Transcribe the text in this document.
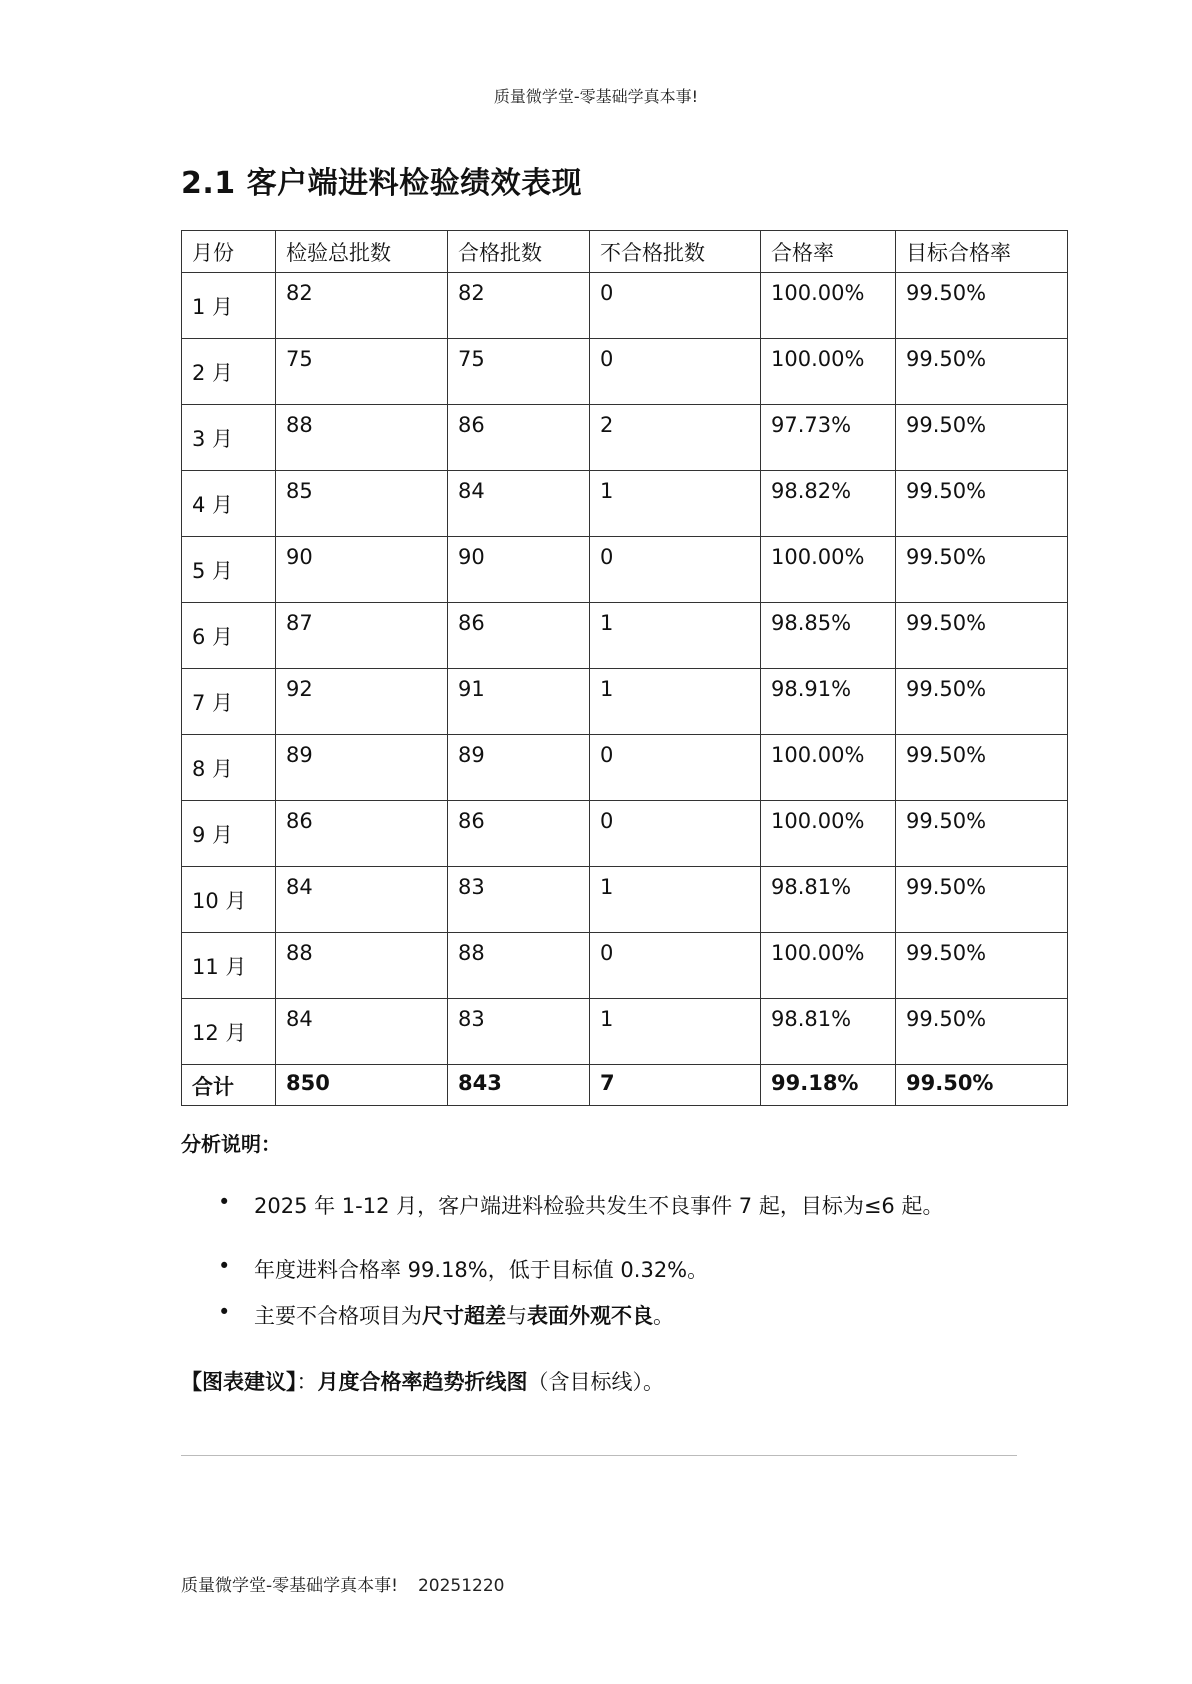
质量微学堂-零基础学真本事!
2.1 客户端进料检验绩效表现
月份	检验总批数	合格批数	不合格批数	合格率	目标合格率
1 月	82	82	0	100.00%	99.50%
2 月	75	75	0	100.00%	99.50%
3 月	88	86	2	97.73%	99.50%
4 月	85	84	1	98.82%	99.50%
5 月	90	90	0	100.00%	99.50%
6 月	87	86	1	98.85%	99.50%
7 月	92	91	1	98.91%	99.50%
8 月	89	89	0	100.00%	99.50%
9 月	86	86	0	100.00%	99.50%
10 月	84	83	1	98.81%	99.50%
11 月	88	88	0	100.00%	99.50%
12 月	84	83	1	98.81%	99.50%
合计	850	843	7	99.18%	99.50%
分析说明：
• 2025 年 1-12 月，客户端进料检验共发生不良事件 7 起，目标为≤6 起。
• 年度进料合格率 99.18%，低于目标值 0.32%。
• 主要不合格项目为尺寸超差与表面外观不良。
【图表建议】：月度合格率趋势折线图（含目标线）。
质量微学堂-零基础学真本事! 20251220
